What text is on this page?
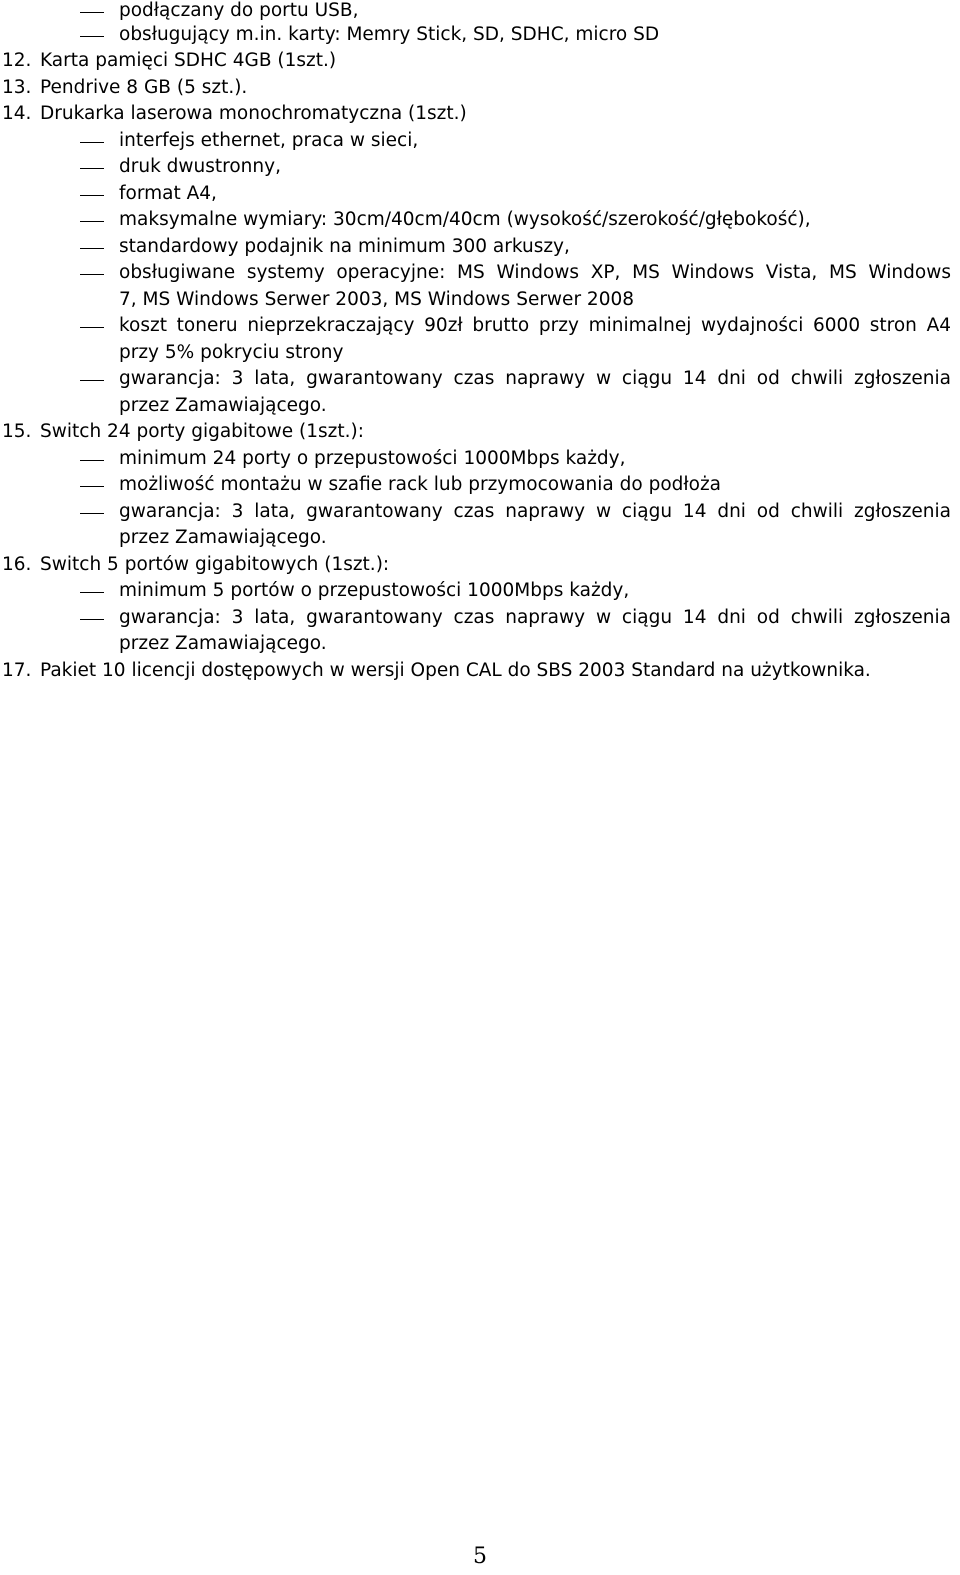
podłączany do portu USB,
obsługujący m.in. karty: Memry Stick, SD, SDHC, micro SD
12. Karta pamięci SDHC 4GB (1szt.)
13. Pendrive 8 GB (5 szt.).
14. Drukarka laserowa monochromatyczna (1szt.)
interfejs ethernet, praca w sieci,
druk dwustronny,
format A4,
maksymalne wymiary: 30cm/40cm/40cm (wysokość/szerokość/głębokość),
standardowy podajnik na minimum 300 arkuszy,
obsługiwane systemy operacyjne: MS Windows XP, MS Windows Vista, MS Windows
7, MS Windows Serwer 2003, MS Windows Serwer 2008
koszt toneru nieprzekraczający 90zł brutto przy minimalnej wydajności 6000 stron A4
przy 5% pokryciu strony
gwarancja: 3 lata, gwarantowany czas naprawy w ciągu 14 dni od chwili zgłoszenia
przez Zamawiającego.
15. Switch 24 porty gigabitowe (1szt.):
minimum 24 porty o przepustowości 1000Mbps każdy,
możliwość montażu w szafie rack lub przymocowania do podłoża
gwarancja: 3 lata, gwarantowany czas naprawy w ciągu 14 dni od chwili zgłoszenia
przez Zamawiającego.
16. Switch 5 portów gigabitowych (1szt.):
minimum 5 portów o przepustowości 1000Mbps każdy,
gwarancja: 3 lata, gwarantowany czas naprawy w ciągu 14 dni od chwili zgłoszenia
przez Zamawiającego.
17. Pakiet 10 licencji dostępowych w wersji Open CAL do SBS 2003 Standard na użytkownika.
5
